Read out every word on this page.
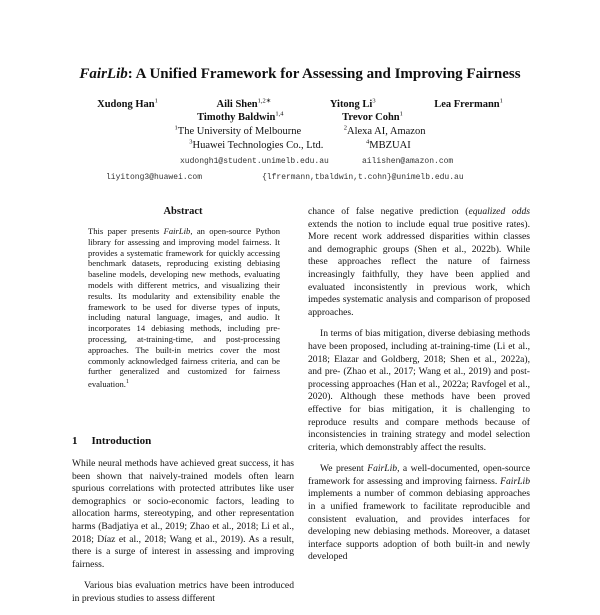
FairLib: A Unified Framework for Assessing and Improving Fairness
Xudong Han$^1$	Aili Shen$^{1,2∗}$	Yitong Li$^3$	Lea Frermann$^1$
Timothy Baldwin$^{1,4}$	Trevor Cohn$^1$
$^1$The University of Melbourne	$^2$Alexa AI, Amazon
$^3$Huawei Technologies Co., Ltd.	$^4$MBZUAI
xudongh1@student.unimelb.edu.au	ailishen@amazon.com
liyitong3@huawei.com	{lfrermann,tbaldwin,t.cohn}@unimelb.edu.au
Abstract
This paper presents FairLib, an open-source Python library for assessing and improving model fairness. It provides a systematic framework for quickly accessing benchmark datasets, reproducing existing debiasing baseline models, developing new methods, evaluating models with different metrics, and visualizing their results. Its modularity and extensibility enable the framework to be used for diverse types of inputs, including natural language, images, and audio. It incorporates 14 debiasing methods, including pre-processing, at-training-time, and post-processing approaches. The built-in metrics cover the most commonly acknowledged fairness criteria, and can be further generalized and customized for fairness evaluation.$^1$
1 Introduction

While neural methods have achieved great success, it has been shown that naively-trained models often learn spurious correlations with protected attributes like user demographics or socio-economic factors, leading to allocation harms, stereotyping, and other representation harms (Badjatiya et al., 2019; Zhao et al., 2018; Li et al., 2018; Díaz et al., 2018; Wang et al., 2019). As a result, there is a surge of interest in assessing and improving fairness.

Various bias evaluation metrics have been introduced in previous studies to assess different

chance of false negative prediction (equalized odds extends the notion to include equal true positive rates). More recent work addressed disparities within classes and demographic groups (Shen et al., 2022b). While these approaches reflect the nature of fairness increasingly faithfully, they have been applied and evaluated inconsistently in previous work, which impedes systematic analysis and comparison of proposed approaches.

In terms of bias mitigation, diverse debiasing methods have been proposed, including at-training-time (Li et al., 2018; Elazar and Goldberg, 2018; Shen et al., 2022a), and pre- (Zhao et al., 2017; Wang et al., 2019) and post-processing approaches (Han et al., 2022a; Ravfogel et al., 2020). Although these methods have been proved effective for bias mitigation, it is challenging to reproduce results and compare methods because of inconsistencies in training strategy and model selection criteria, which demonstrably affect the results.

We present FairLib, a well-documented, open-source framework for assessing and improving fairness. FairLib implements a number of common debiasing approaches in a unified framework to facilitate reproducible and consistent evaluation, and provides interfaces for developing new debiasing methods. Moreover, a dataset interface supports adoption of both built-in and newly developed
